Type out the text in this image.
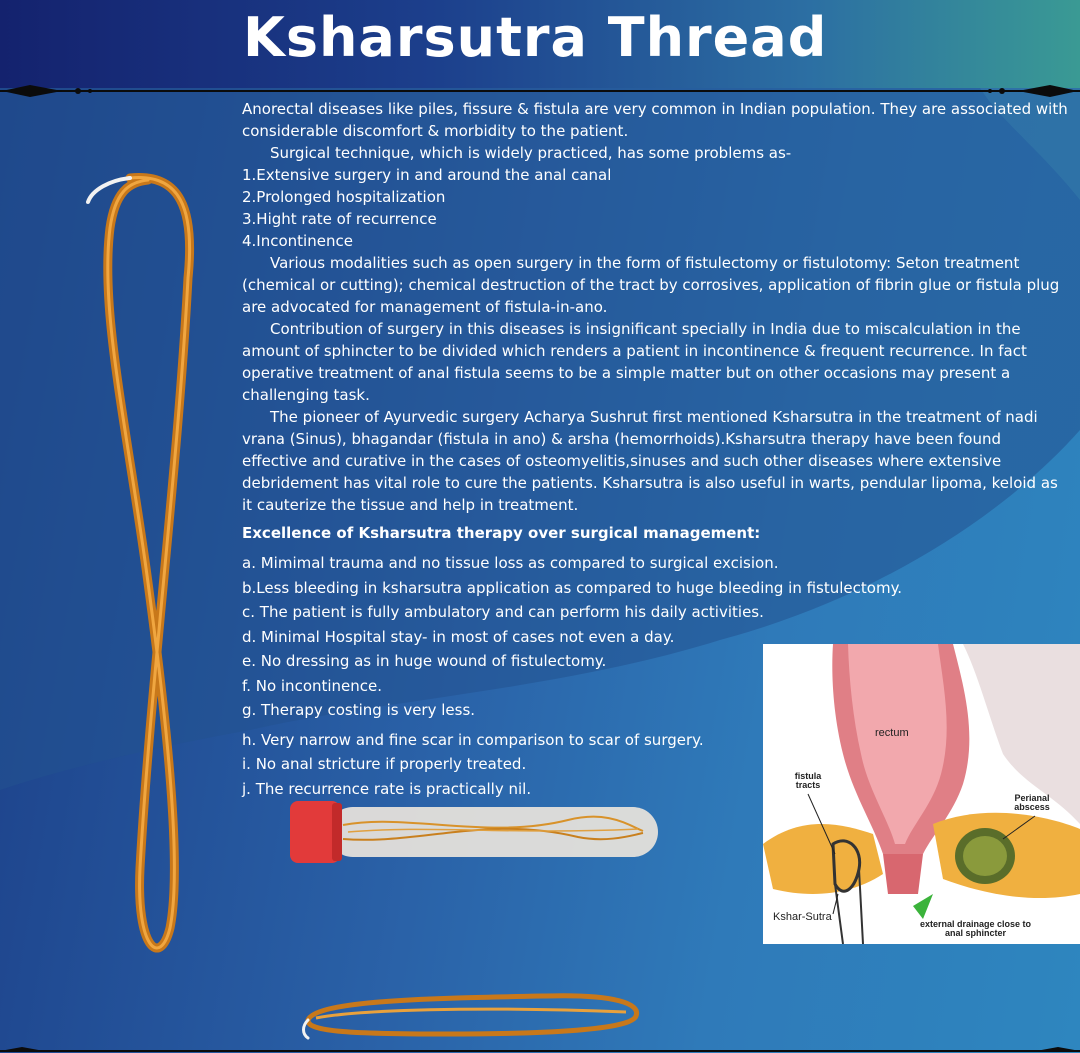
Ksharsutra Thread

Anorectal diseases like piles, fissure & fistula are very common in Indian population. They are associated with considerable discomfort & morbidity to the patient.

Surgical technique, which is widely practiced, has some problems as-

1.Extensive surgery in and around the anal canal

2.Prolonged hospitalization

3.Hight rate of recurrence

4.Incontinence

Various modalities such as open surgery in the form of fistulectomy or fistulotomy: Seton treatment (chemical or cutting); chemical destruction of the tract by corrosives, application of fibrin glue or fistula plug are advocated for management of fistula-in-ano.

Contribution of surgery in this diseases is insignificant specially in India due to miscalculation in the amount of sphincter to be divided which renders a patient in incontinence & frequent recurrence. In fact operative treatment of anal fistula seems to be a simple matter but on other occasions may present a challenging task.

The pioneer of Ayurvedic surgery Acharya Sushrut first mentioned Ksharsutra in the treatment of nadi vrana (Sinus), bhagandar (fistula in ano) & arsha (hemorrhoids).Ksharsutra therapy have been found effective and curative in the cases of osteomyelitis,sinuses and such other diseases where extensive debridement has vital role to cure the patients. Ksharsutra is also useful in warts, pendular lipoma, keloid as it cauterize the tissue and help in treatment.

Excellence of Ksharsutra therapy over surgical management:

a. Mimimal trauma and no tissue loss as compared to surgical excision.

b.Less bleeding in ksharsutra application as compared to huge bleeding in fistulectomy.

c. The patient is fully ambulatory and can perform his daily activities.

d. Minimal Hospital stay- in most of cases not even a day.

e. No dressing as in huge wound of fistulectomy.

f. No incontinence.

g. Therapy costing is very less.

h. Very narrow and fine scar in comparison to scar of surgery.

i. No anal stricture if properly treated.

j. The recurrence rate is practically nil.

rectum
fistula tracts
Perianal abscess
Kshar-Sutra
external drainage close to anal sphincter
